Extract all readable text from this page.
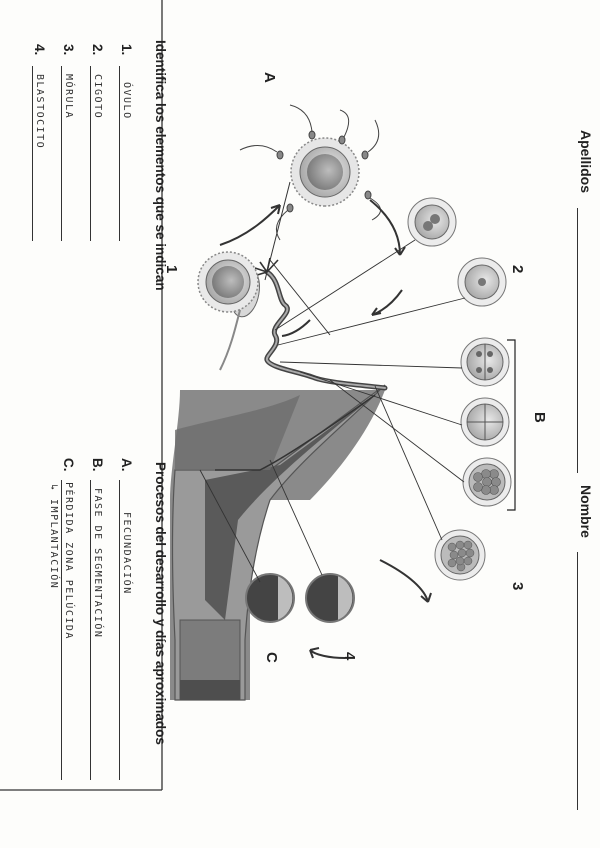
Apellidos
Nombre
A
B
C
1	2
3
4
Identifica los elementos que se indican
1.
ÓVULO
2.
CIGOTO
3.
MÓRULA
4.
BLASTOCITO
Procesos del desarrollo y días aproximados
A.
FECUNDACIÓN
B.
FASE DE SEGMENTACIÓN
C.
PÉRDIDA ZONA PELÚCIDA
↳ IMPLANTACIÓN
